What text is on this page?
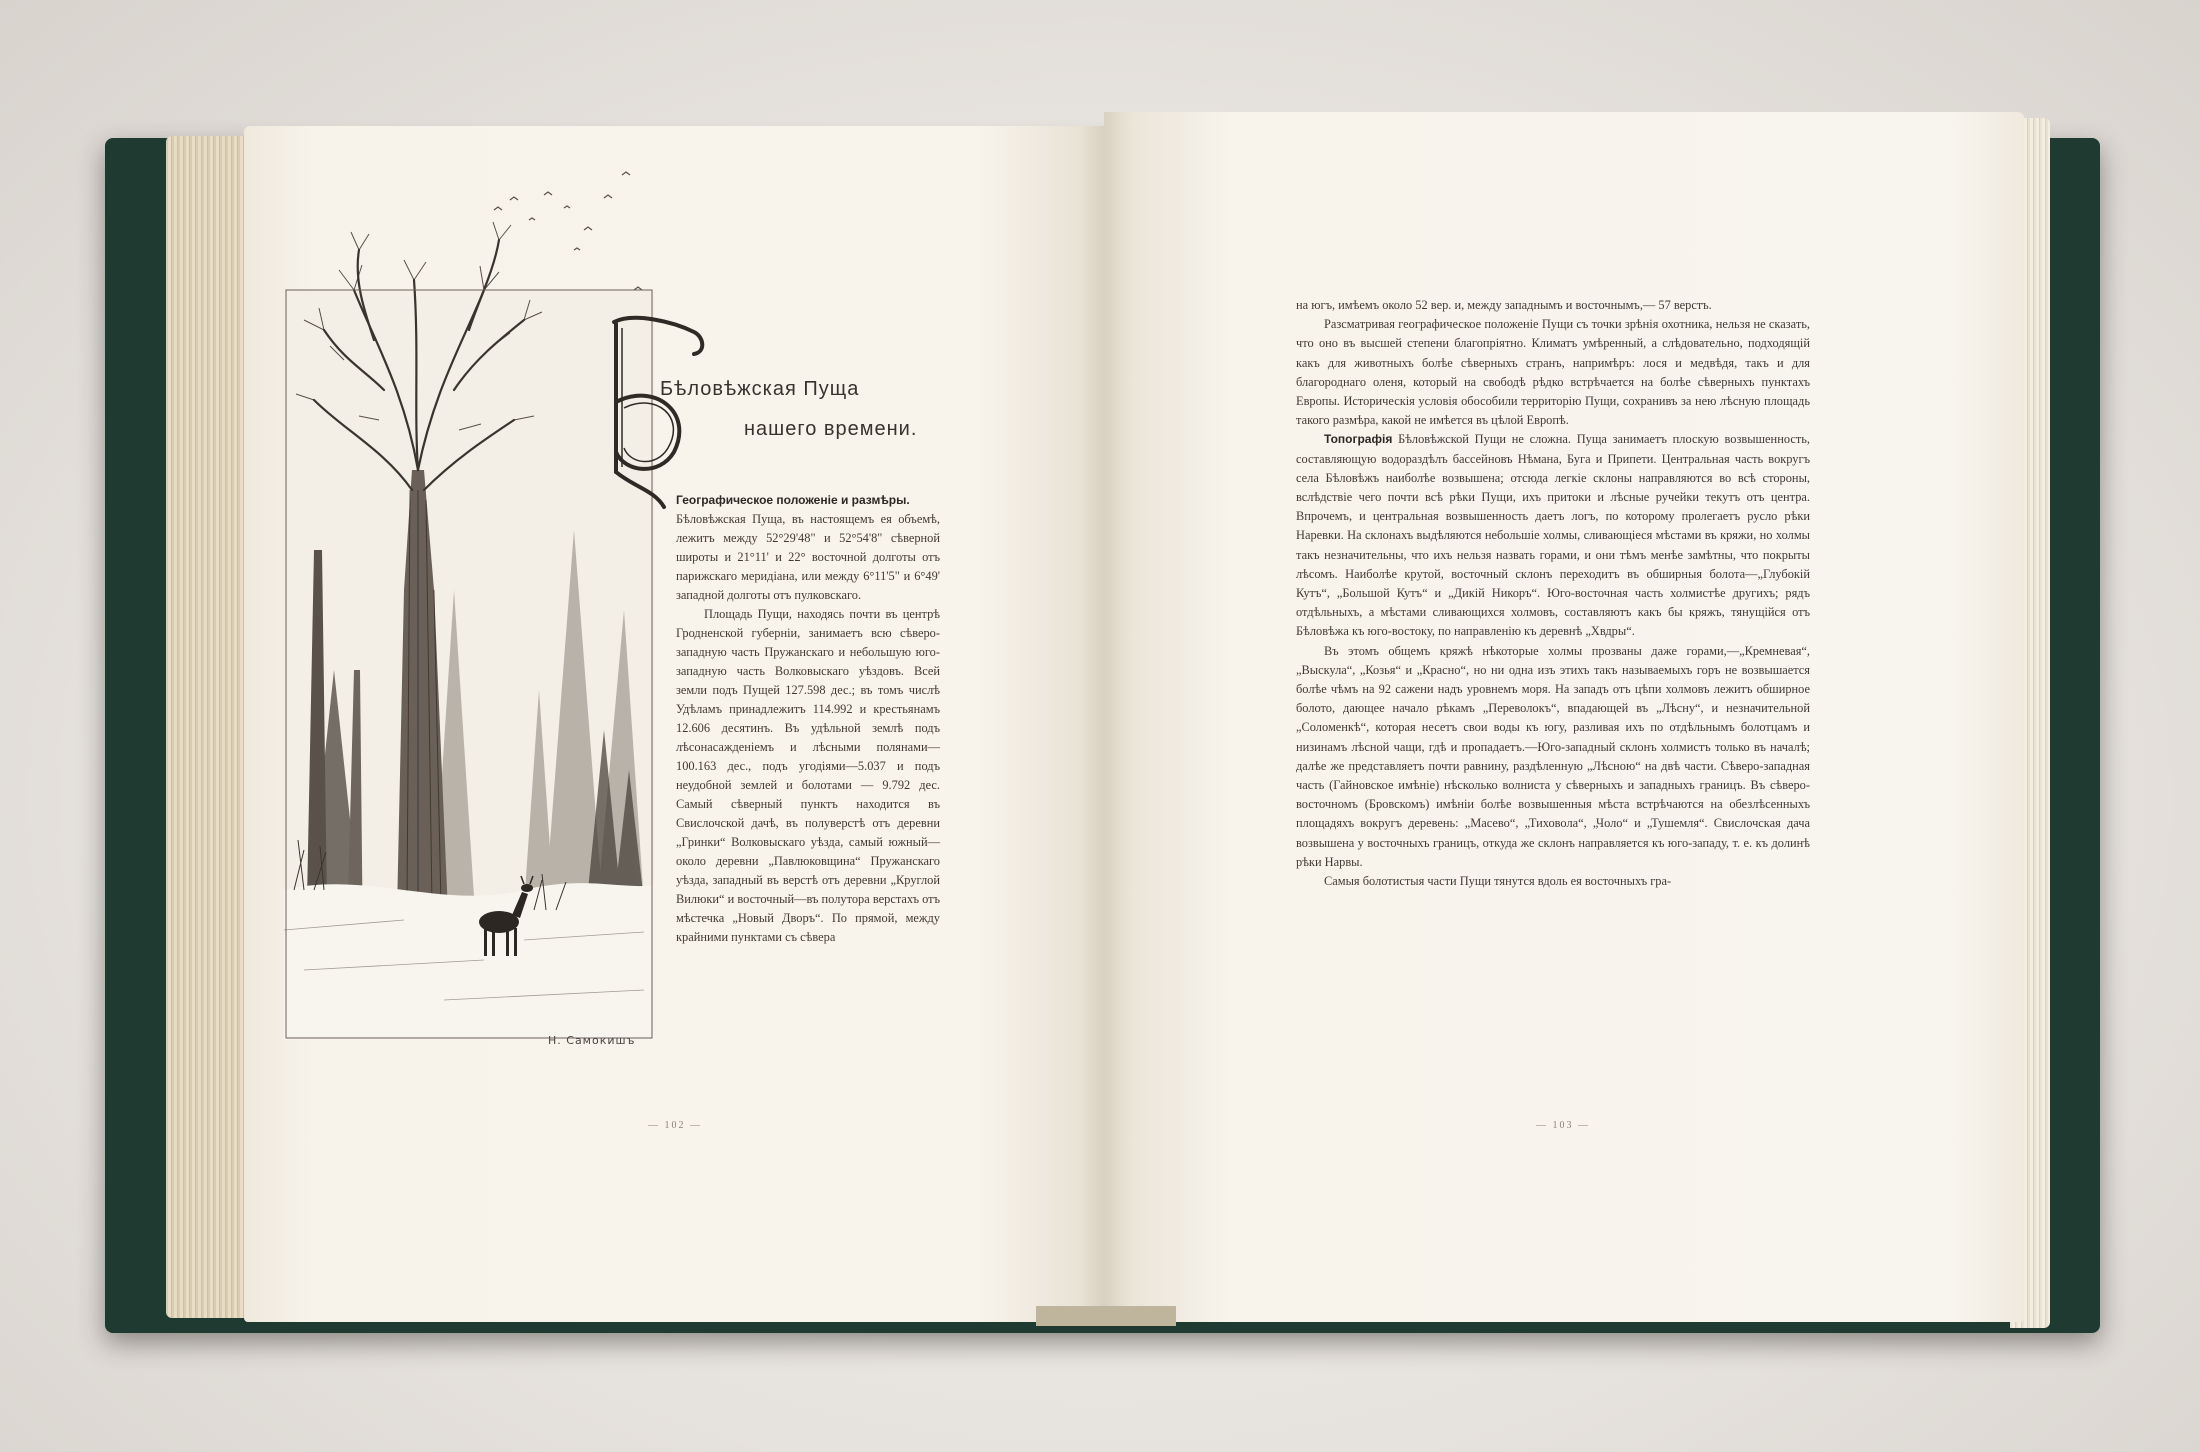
Н. Самокишъ
Бѣловѣжская Пуща
нашего времени.

Географическое положеніе и размѣры.

Бѣловѣжская Пуща, въ настоящемъ ея объемѣ, лежитъ между 52°29'48" и 52°54'8" сѣверной широты и 21°11' и 22° восточной долготы отъ парижскаго меридіана, или между 6°11'5" и 6°49' западной долготы отъ пулковскаго.

Площадь Пущи, находясь почти въ центрѣ Гродненской губерніи, занимаетъ всю сѣверо-западную часть Пружанскаго и небольшую юго-западную часть Волковыскаго уѣздовъ. Всей земли подъ Пущей 127.598 дес.; въ томъ числѣ Удѣламъ принадлежитъ 114.992 и крестьянамъ 12.606 десятинъ. Въ удѣльной землѣ подъ лѣсонасажденіемъ и лѣсными полянами—100.163 дес., подъ угодіями—5.037 и подъ неудобной землей и болотами — 9.792 дес. Самый сѣверный пунктъ находится въ Свислочской дачѣ, въ полуверстѣ отъ деревни „Гринки“ Волковыскаго уѣзда, самый южный—около деревни „Павлюковщина“ Пружанскаго уѣзда, западный въ верстѣ отъ деревни „Круглой Вилюки“ и восточный—въ полутора верстахъ отъ мѣстечка „Новый Дворъ“. По прямой, между крайними пунктами съ сѣвера

— 102 —

на югъ, имѣемъ около 52 вер. и, между западнымъ и восточнымъ,— 57 верстъ.

Разсматривая географическое положеніе Пущи съ точки зрѣнія охотника, нельзя не сказать, что оно въ высшей степени благопріятно. Климатъ умѣренный, а слѣдовательно, подходящій какъ для животныхъ болѣе сѣверныхъ странъ, напримѣръ: лося и медвѣдя, такъ и для благороднаго оленя, который на свободѣ рѣдко встрѣчается на болѣе сѣверныхъ пунктахъ Европы. Историческія условія обособили территорію Пущи, сохранивъ за нею лѣсную площадь такого размѣра, какой не имѣется въ цѣлой Европѣ.

Топографія Бѣловѣжской Пущи не сложна. Пуща занимаетъ плоскую возвышенность, составляющую водораздѣлъ бассейновъ Нѣмана, Буга и Припети. Центральная часть вокругъ села Бѣловѣжъ наиболѣе возвышена; отсюда легкіе склоны направляются во всѣ стороны, вслѣдствіе чего почти всѣ рѣки Пущи, ихъ притоки и лѣсные ручейки текутъ отъ центра. Впрочемъ, и центральная возвышенность даетъ логъ, по которому пролегаетъ русло рѣки Наревки. На склонахъ выдѣляются небольшіе холмы, сливающіеся мѣстами въ кряжи, но холмы такъ незначительны, что ихъ нельзя назвать горами, и они тѣмъ менѣе замѣтны, что покрыты лѣсомъ. Наиболѣе крутой, восточный склонъ переходитъ въ обширныя болота—„Глубокій Кутъ“, „Большой Кутъ“ и „Дикій Никоръ“. Юго-восточная часть холмистѣе другихъ; рядъ отдѣльныхъ, а мѣстами сливающихся холмовъ, составляютъ какъ бы кряжъ, тянущійся отъ Бѣловѣжа къ юго-востоку, по направленію къ деревнѣ „Хвдры“.

Въ этомъ общемъ кряжѣ нѣкоторые холмы прозваны даже горами,—„Кремневая“, „Выскула“, „Козья“ и „Красно“, но ни одна изъ этихъ такъ называемыхъ горъ не возвышается болѣе чѣмъ на 92 сажени надъ уровнемъ моря. На западъ отъ цѣпи холмовъ лежитъ обширное болото, дающее начало рѣкамъ „Переволокъ“, впадающей въ „Лѣсну“, и незначительной „Соломенкѣ“, которая несетъ свои воды къ югу, разливая ихъ по отдѣльнымъ болотцамъ и низинамъ лѣсной чащи, гдѣ и пропадаетъ.—Юго-западный склонъ холмистъ только въ началѣ; далѣе же представляетъ почти равнину, раздѣленную „Лѣсною“ на двѣ части. Сѣверо-западная часть (Гайновское имѣніе) нѣсколько волниста у сѣверныхъ и западныхъ границъ. Въ сѣверо-восточномъ (Бровскомъ) имѣніи болѣе возвышенныя мѣста встрѣчаются на обезлѣсенныхъ площадяхъ вокругъ деревень: „Масево“, „Тиховола“, „Чоло“ и „Тушемля“. Свислочская дача возвышена у восточныхъ границъ, откуда же склонъ направляется къ юго-западу, т. е. къ долинѣ рѣки Нарвы.

Самыя болотистыя части Пущи тянутся вдоль ея восточныхъ гра-

— 103 —
